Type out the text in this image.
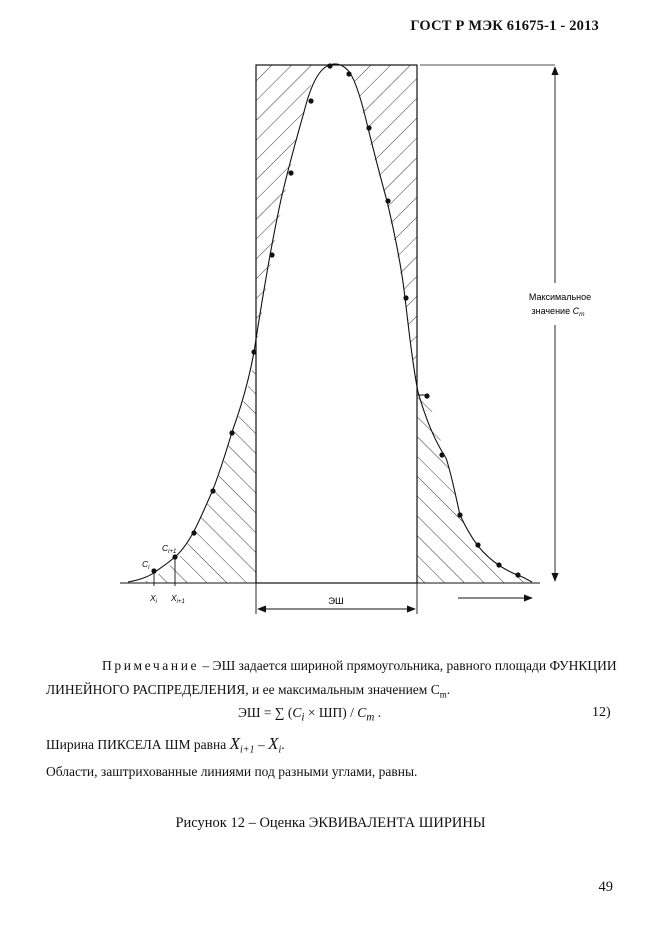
ГОСТ Р МЭК 61675-1 - 2013
$C_i$
$C_{i+1}$
$X_i$ $X_{i+1}$	ЭШ
Максимальное
значение $C_m$
Примечание – ЭШ задается шириной прямоугольника, равного площади ФУНКЦИИ ЛИНЕЙНОГО РАСПРЕДЕЛЕНИЯ, и ее максимальным значением $C_m$.
ЭШ = ∑ $(C_i \times ШП) / C_m$ .	12)
Ширина ПИКСЕЛА ШМ равна $X_{i+1} - X_i$.
Области, заштрихованные линиями под разными углами, равны.
Рисунок 12 – Оценка ЭКВИВАЛЕНТА ШИРИНЫ
49
